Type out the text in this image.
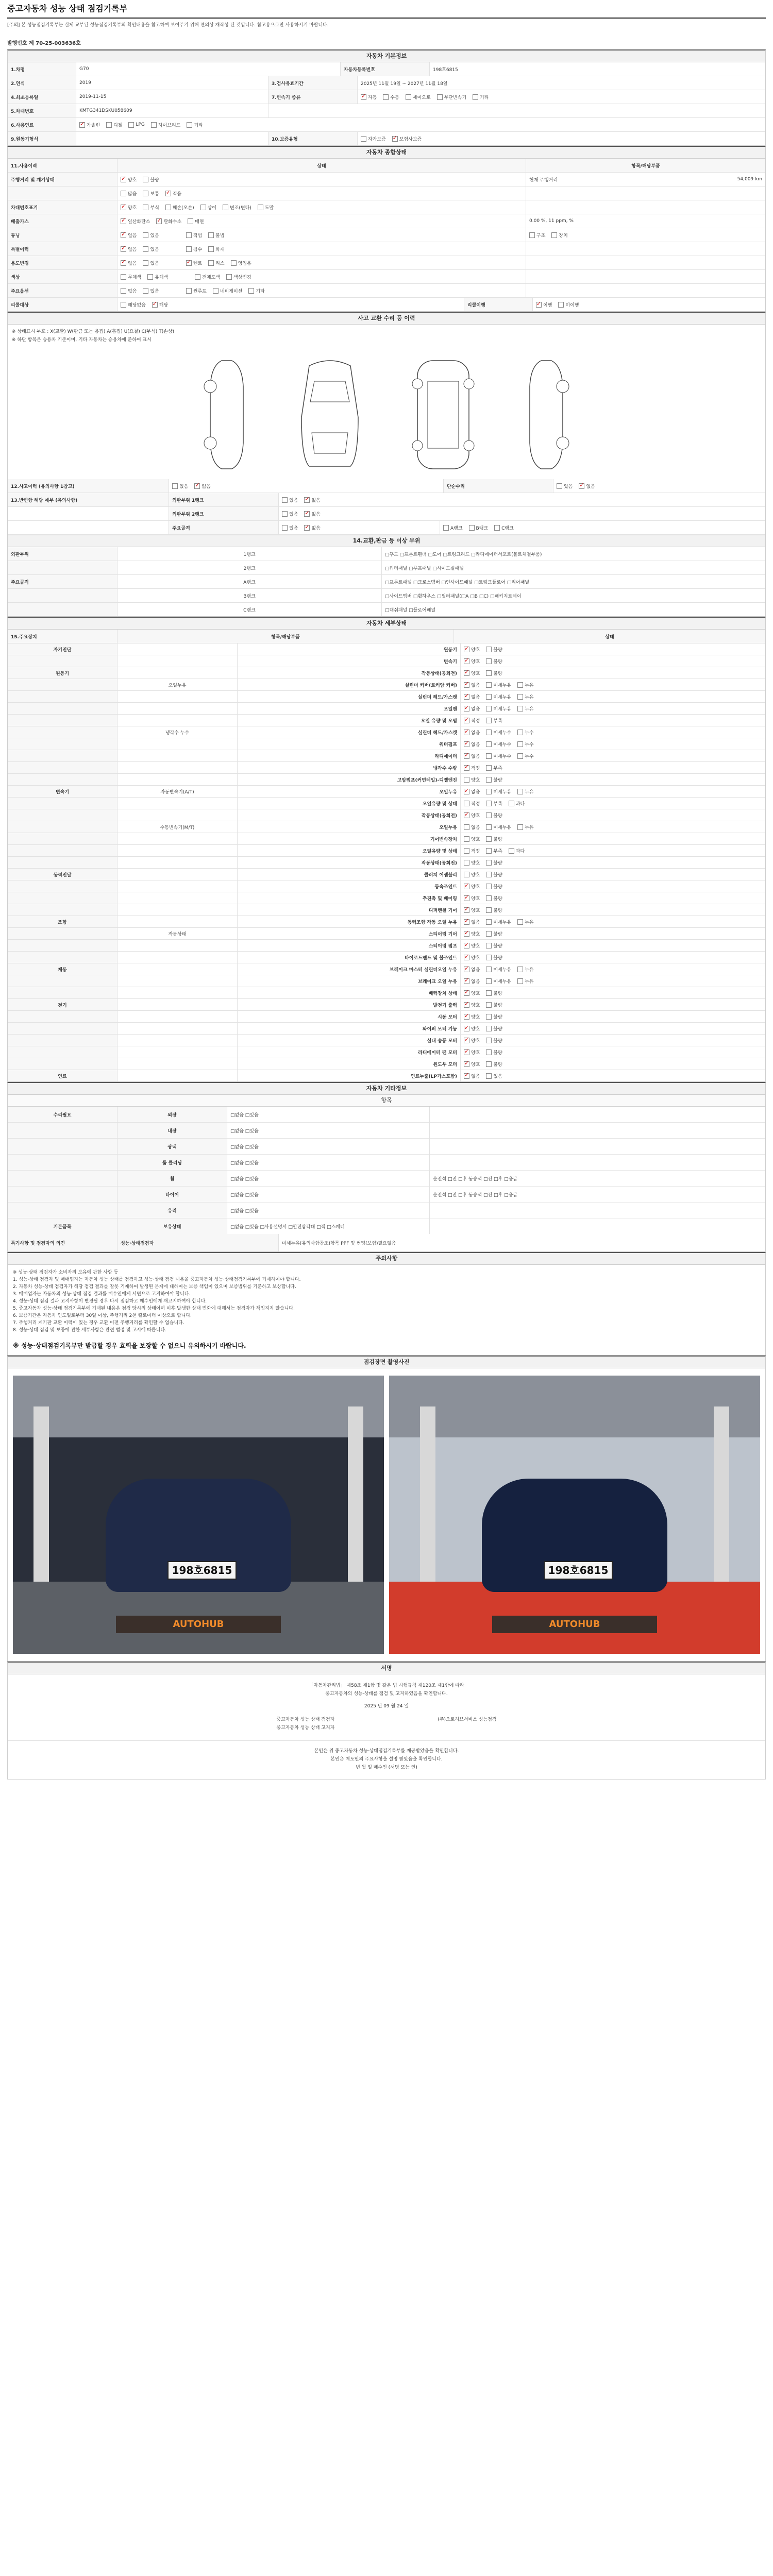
중고자동차 성능 상태 점검기록부
[주의] 본 성능점검기록부는 실제 교부된 성능점검기록부의 확인내용을 참고하여 보여주기 위해 편의상 재작성 된 것입니다. 참고용으로만 사용하시기 바랍니다.
발행번호 제 70-25-003636호
자동차 기본정보
1.차명	G70	자동차등록번호	198호6815
2.연식	2019	3.검사유효기간	2025년 11월 19일 ~ 2027년 11월 18일
4.최초등록일	2019-11-15	7.변속기 종류 ✓	자동	수동	세미오토	무단변속기	기타
5.차대번호	KMTG341DSKU058609
6.사용연료 ✓	가솔린	디젤	LPG	하이브리드	기타
9.원동기형식	10.보증유형	자가보증 ✓	보험사보증
자동차 종합상태
11.사용이력	상태	항목/해당부품
주행거리 및 계기상태 ✓	양호	불량	현재 주행거리
	54,009 km
많음	보통 ✓	적음
차대번호표기 ✓	양호	부식	훼손(오손)	상이	변조(변타)	도말
배출가스 ✓	일산화탄소 ✓	탄화수소	매연	0.00 %, 11 ppm, %
튜닝 ✓	없음	있음	적법	불법	구조	장치
특별이력 ✓	없음	있음	침수	화재
용도변경 ✓	없음	있음 ✓	렌트	리스	영업용
색상	무채색	유채색	전체도색	색상변경
주요옵션	없음	있음	썬루프	네비게이션	기타
리콜대상	해당없음 ✓	해당	리콜이행 ✓	이행	미이행
사고 교환 수리 등 이력
※ 상태표시 부호 : X(교환) W(판금 또는 용접) A(흠집) U(요철) C(부식) T(손상)
※ 하단 항목은 승용차 기준이며, 기타 자동차는 승용차에 준하여 표시
12.사고이력 (유의사항 1참고)	있음 ✓	없음	단순수리	있음 ✓	없음
13.반변항 해당 예부 (유의사항)	외판부위 1랭크	있음 ✓	없음
외판부위 2랭크	있음 ✓	없음
주요골격	있음 ✓	없음	A랭크	B랭크	C랭크
14.교환,판금 등 이상 부위
외판부위	1랭크	□후드 □프론트휀더 □도어 □트렁크리드 □라디에이터서포트(볼트체결부품)
2랭크	□쿼터패널 □루프패널 □사이드실패널
주요골격	A랭크	□프론트패널 □크로스멤버 □인사이드패널 □트렁크플로어 □리어패널
B랭크	□사이드멤버 □휠하우스 □필러패널(□A □B □C) □패키지트레이
C랭크	□대쉬패널 □플로어패널
자동차 세부상태
15.주요장치	항목/해당부품	상태
자기진단	원동기 ✓	양호	불량
변속기 ✓	양호	불량
원동기	작동상태(공회전) ✓	양호	불량
오일누유	실린더 커버(로커암 커버) ✓	없음	미세누유	누유
실린더 헤드/가스켓 ✓	없음	미세누유	누유
오일팬 ✓	없음	미세누유	누유
오일 유량 및 오염 ✓	적정	부족
냉각수 누수	실린더 헤드/가스켓 ✓	없음	미세누수	누수
워터펌프 ✓	없음	미세누수	누수
라디에이터 ✓	없음	미세누수	누수
냉각수 수량 ✓	적정	부족
고압펌프(커먼레일)-디젤엔진	양호	불량
변속기	자동변속기(A/T)	오일누유 ✓	없음	미세누유	누유
오일유량 및 상태	적정	부족	과다
작동상태(공회전) ✓	양호	불량
수동변속기(M/T)	오일누유	없음	미세누유	누유
기어변속장치	양호	불량
오일유량 및 상태	적정	부족	과다
작동상태(공회전)	양호	불량
동력전달	클러치 어셈블리	양호	불량
등속조인트 ✓	양호	불량
추진축 및 베어링 ✓	양호	불량
디퍼렌셜 기어 ✓	양호	불량
조향	동력조향 작동 오일 누유 ✓	없음	미세누유	누유
작동상태	스티어링 기어 ✓	양호	불량
스티어링 펌프 ✓	양호	불량
타이로드엔드 및 볼조인트 ✓	양호	불량
제동	브레이크 마스터 실린더오일 누유 ✓	없음	미세누유	누유
브레이크 오일 누유 ✓	없음	미세누유	누유
배력장치 상태 ✓	양호	불량
전기	발전기 출력 ✓	양호	불량
시동 모터 ✓	양호	불량
와이퍼 모터 기능 ✓	양호	불량
실내 송풍 모터 ✓	양호	불량
라디에이터 팬 모터 ✓	양호	불량
윈도우 모터 ✓	양호	불량
연료	연료누출(LP가스포함) ✓	없음	있음
자동차 기타정보
항목
수리필요	외장	□없음 □있음
내장	□없음 □있음
광택	□없음 □있음
룸 클리닝	□없음 □있음
휠	□없음 □있음	운전석 □전 □후 동승석 □전 □후 □응급
타이어	□없음 □있음	운전석 □전 □후 동승석 □전 □후 □응급
유리	□없음 □있음
기본품목	보유상태	□없음 □있음 □사용설명서 □안전삼각대 □잭 □스패너
특기사항 및 점검자의 의견	성능·상태점검자	미세누유(유의사항참조)항목 PPF 및 썬팅(보험)필요없음
주의사항

※ 성능·상태 점검자가 소비자의 보유에 관한 사항 등

1. 성능·상태 점검자 및 매매업자는 자동차 성능·상태를 점검하고 성능·상태 점검 내용을 중고자동차 성능·상태점검기록부에 기재하여야 합니다.

2. 자동차 성능·상태 점검자가 해당 점검 결과를 잘못 기재하여 발생된 문제에 대하여는 보증 책임이 있으며 보증범위를 기준하고 보상합니다.

3. 매매업자는 자동차의 성능·상태 점검 결과를 매수인에게 서면으로 고지하여야 합니다.

4. 성능·상태 점검 결과 고지사항이 변경될 경우 다시 점검하고 매수인에게 재고지하여야 합니다.

5. 중고자동차 성능·상태 점검기록부에 기재된 내용은 점검 당시의 상태이며 이후 발생한 상태 변화에 대해서는 점검자가 책임지지 않습니다.

6. 보증기간은 자동차 인도일로부터 30일 이상, 주행거리 2천 킬로미터 이상으로 합니다.

7. 주행거리 계기판 교환 이력이 있는 경우 교환 이전 주행거리를 확인할 수 없습니다.

8. 성능·상태 점검 및 보증에 관한 세부사항은 관련 법령 및 고시에 따릅니다.

※ 성능·상태점검기록부만 발급할 경우 효력을 보장할 수 없으니 유의하시기 바랍니다.
점검장면 촬영사진
198호6815
AUTOHUB
198호6815
AUTOHUB
서명
「자동차관리법」 제58조 제1항 및 같은 법 시행규칙 제120조 제1항에 따라
중고자동차의 성능·상태를 점검 및 고지하였음을 확인합니다.
2025 년 09 월 24 일
중고자동차 성능·상태 점검자
중고자동차 성능·상태 고지자
(주)오토허브서비스 성능점검
본인은 위 중고자동차 성능·상태점검기록부를 제공받았음을 확인합니다.
본인은 매도인의 주요사항을 설명 받았음을 확인합니다.
년 월 일 매수인 (서명 또는 인)
